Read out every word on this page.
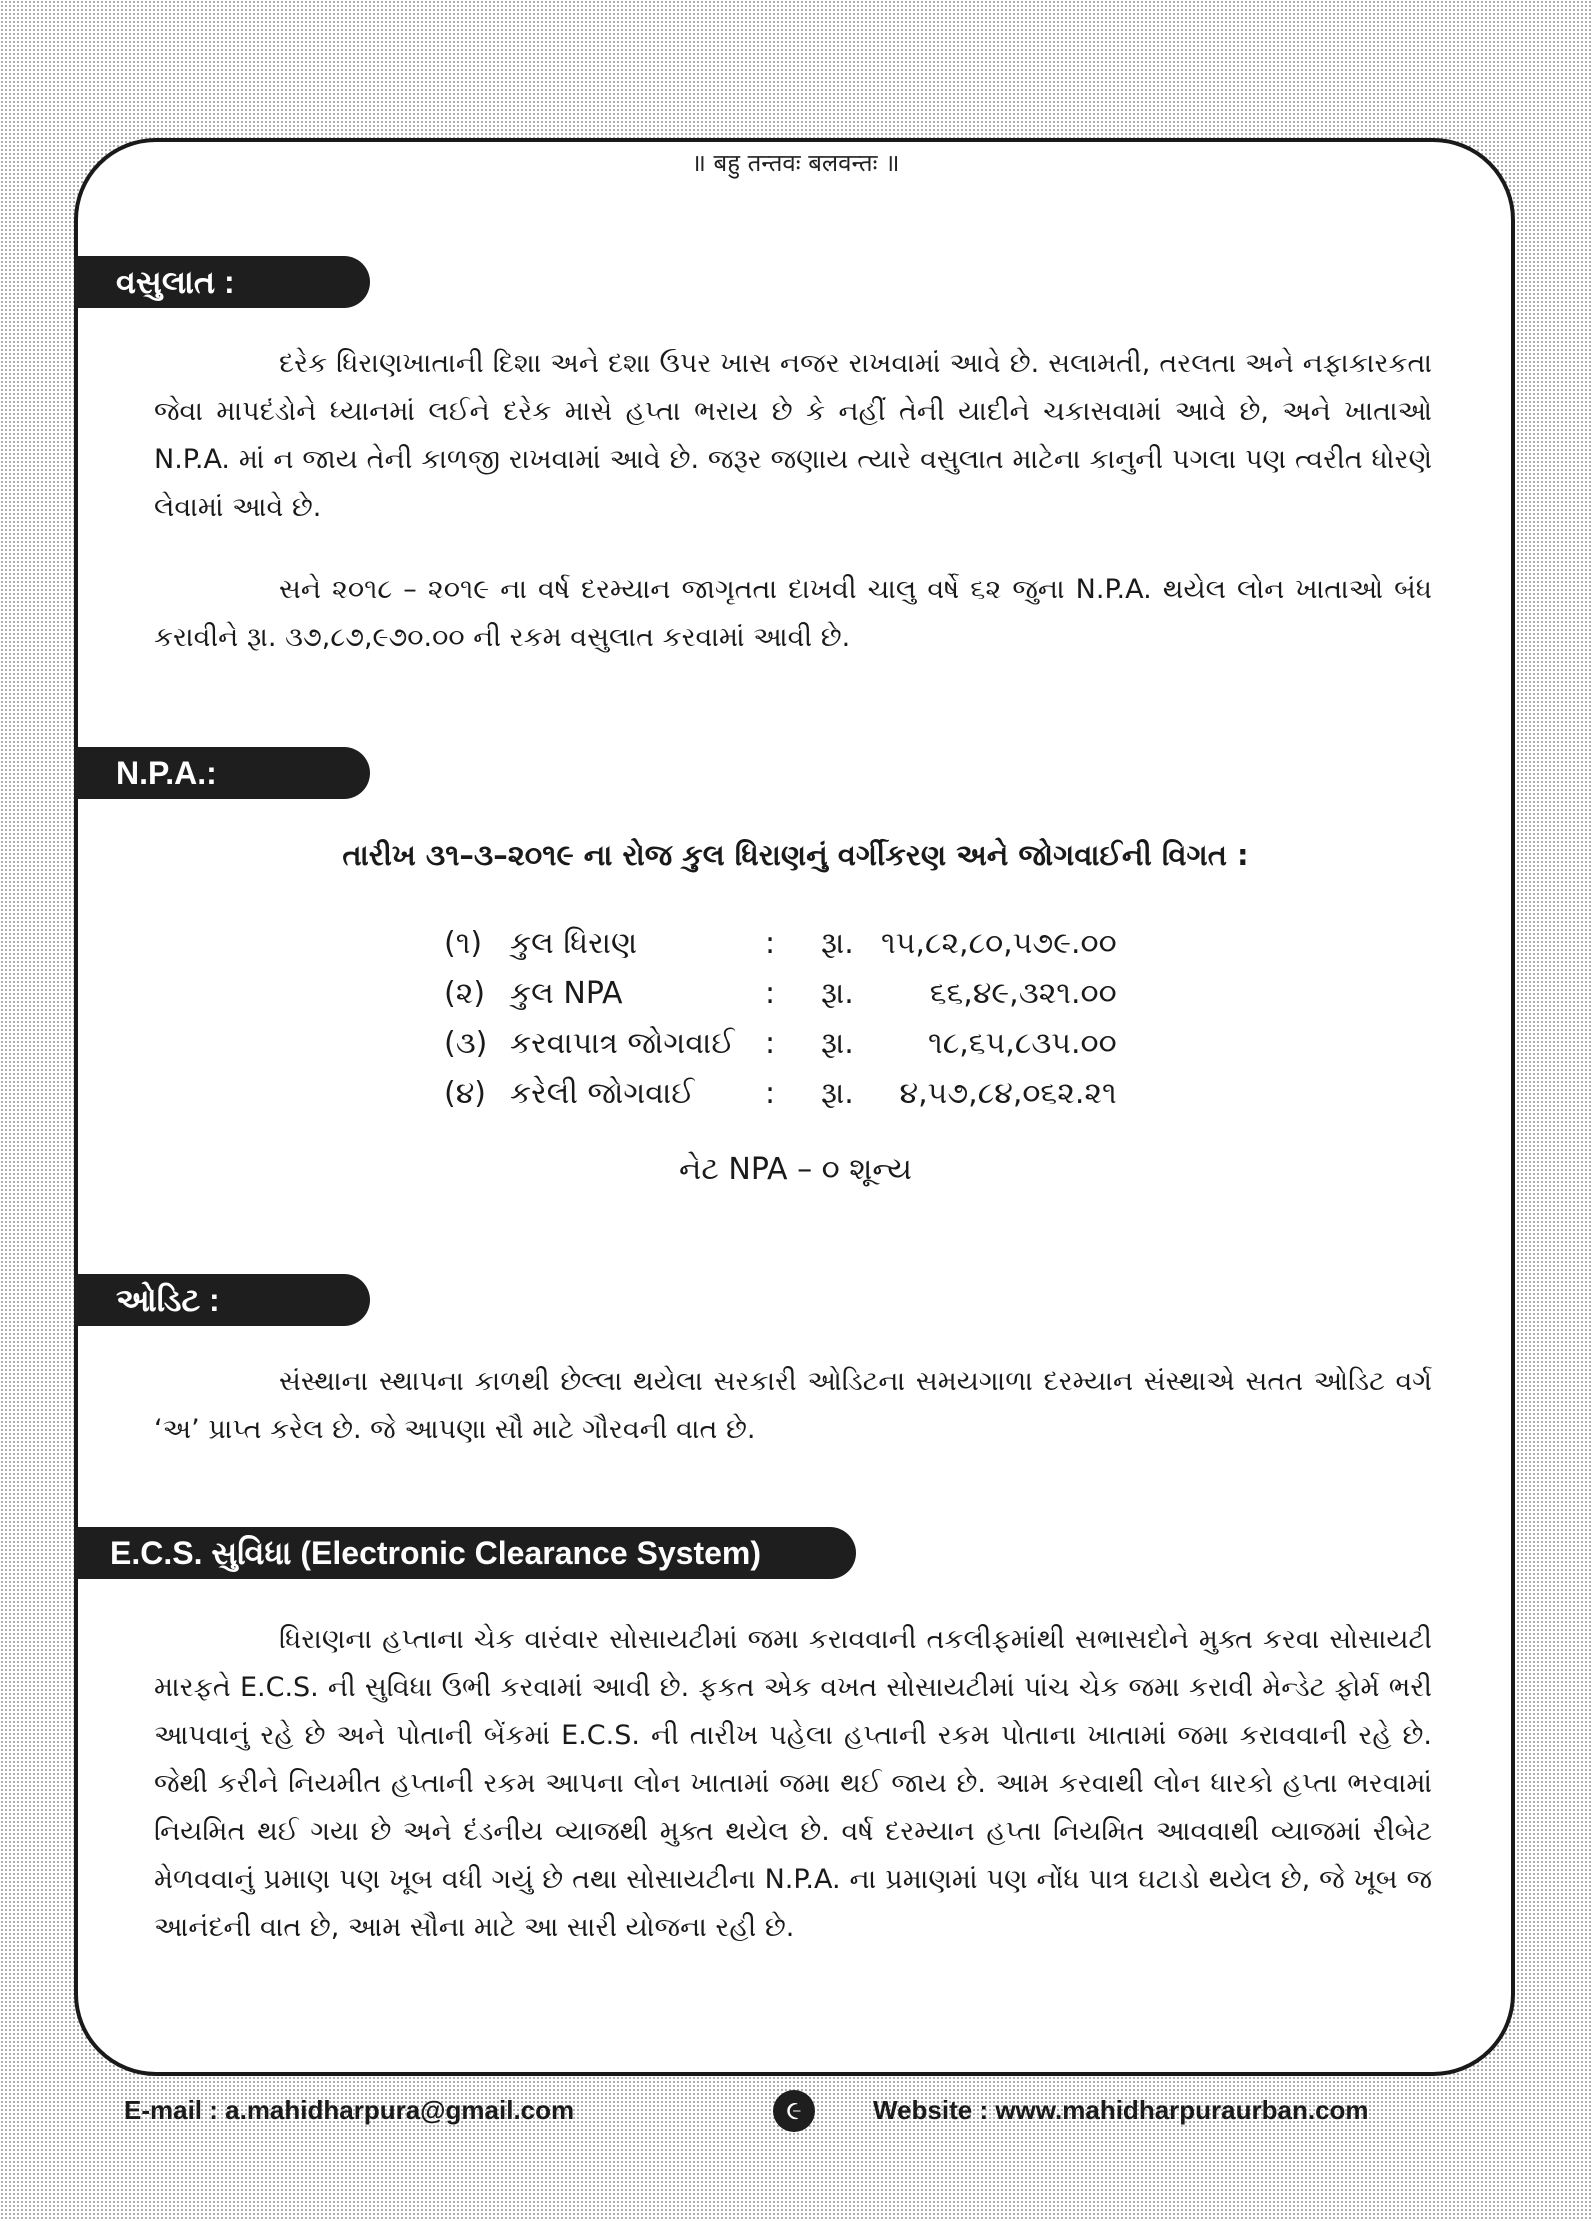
॥ बहु तन्तवः बलवन्तः ॥
વસુલાત :

દરેક ધિરાણખાતાની દિશા અને દશા ઉપર ખાસ નજર રાખવામાં આવે છે. સલામતી, તરલતા અને નફાકારકતા જેવા માપદંડોને ધ્યાનમાં લઈને દરેક માસે હપ્તા ભરાય છે કે નહીં તેની યાદીને ચકાસવામાં આવે છે, અને ખાતાઓ N.P.A. માં ન જાય તેની કાળજી રાખવામાં આવે છે. જરૂર જણાય ત્યારે વસુલાત માટેના કાનુની પગલા પણ ત્વરીત ધોરણે લેવામાં આવે છે.

સને ૨૦૧૮ – ૨૦૧૯ ના વર્ષ દરમ્યાન જાગૃતતા દાખવી ચાલુ વર્ષે ૬૨ જુના N.P.A. થયેલ લોન ખાતાઓ બંધ કરાવીને રૂા. ૩૭,૮૭,૯૭૦.૦૦ ની રકમ વસુલાત કરવામાં આવી છે.

N.P.A.:
તારીખ ૩૧–૩–૨૦૧૯ ના રોજ કુલ ધિરાણનું વર્ગીકરણ અને જોગવાઈની વિગત :
(૧)	કુલ ધિરાણ	:	રૂા.	૧૫,૮૨,૮૦,૫૭૯.૦૦
(૨)	કુલ NPA	:	રૂા.	૬૬,૪૯,૩૨૧.૦૦
(૩)	કરવાપાત્ર જોગવાઈ	:	રૂા.	૧૮,૬૫,૮૩૫.૦૦
(૪)	કરેલી જોગવાઈ	:	રૂા.	૪,૫૭,૮૪,૦૬૨.૨૧
નેટ NPA – ૦ શૂન્ય
ઓડિટ :

સંસ્થાના સ્થાપના કાળથી છેલ્લા થયેલા સરકારી ઓડિટના સમયગાળા દરમ્યાન સંસ્થાએ સતત ઓડિટ વર્ગ ‘અ’ પ્રાપ્ત કરેલ છે. જે આપણા સૌ માટે ગૌરવની વાત છે.

E.C.S. સુવિધા (Electronic Clearance System)

ધિરાણના હપ્તાના ચેક વારંવાર સોસાયટીમાં જમા કરાવવાની તકલીફમાંથી સભાસદોને મુક્ત કરવા સોસાયટી મારફતે E.C.S. ની સુવિધા ઉભી કરવામાં આવી છે. ફકત એક વખત સોસાયટીમાં પાંચ ચેક જમા કરાવી મેન્ડેટ ફોર્મ ભરી આપવાનું રહે છે અને પોતાની બેંકમાં E.C.S. ની તારીખ પહેલા હપ્તાની રકમ પોતાના ખાતામાં જમા કરાવવાની રહે છે. જેથી કરીને નિયમીત હપ્તાની રકમ આપના લોન ખાતામાં જમા થઈ જાય છે. આમ કરવાથી લોન ધારકો હપ્તા ભરવામાં નિયમિત થઈ ગયા છે અને દંડનીય વ્યાજથી મુક્ત થયેલ છે. વર્ષ દરમ્યાન હપ્તા નિયમિત આવવાથી વ્યાજમાં રીબેટ મેળવવાનું પ્રમાણ પણ ખૂબ વધી ગયું છે તથા સોસાયટીના N.P.A. ના પ્રમાણમાં પણ નોંધ પાત્ર ઘટાડો થયેલ છે, જે ખૂબ જ આનંદની વાત છે, આમ સૌના માટે આ સારી યોજના રહી છે.

E-mail : a.mahidharpura@gmail.com	૯	Website : www.mahidharpuraurban.com
